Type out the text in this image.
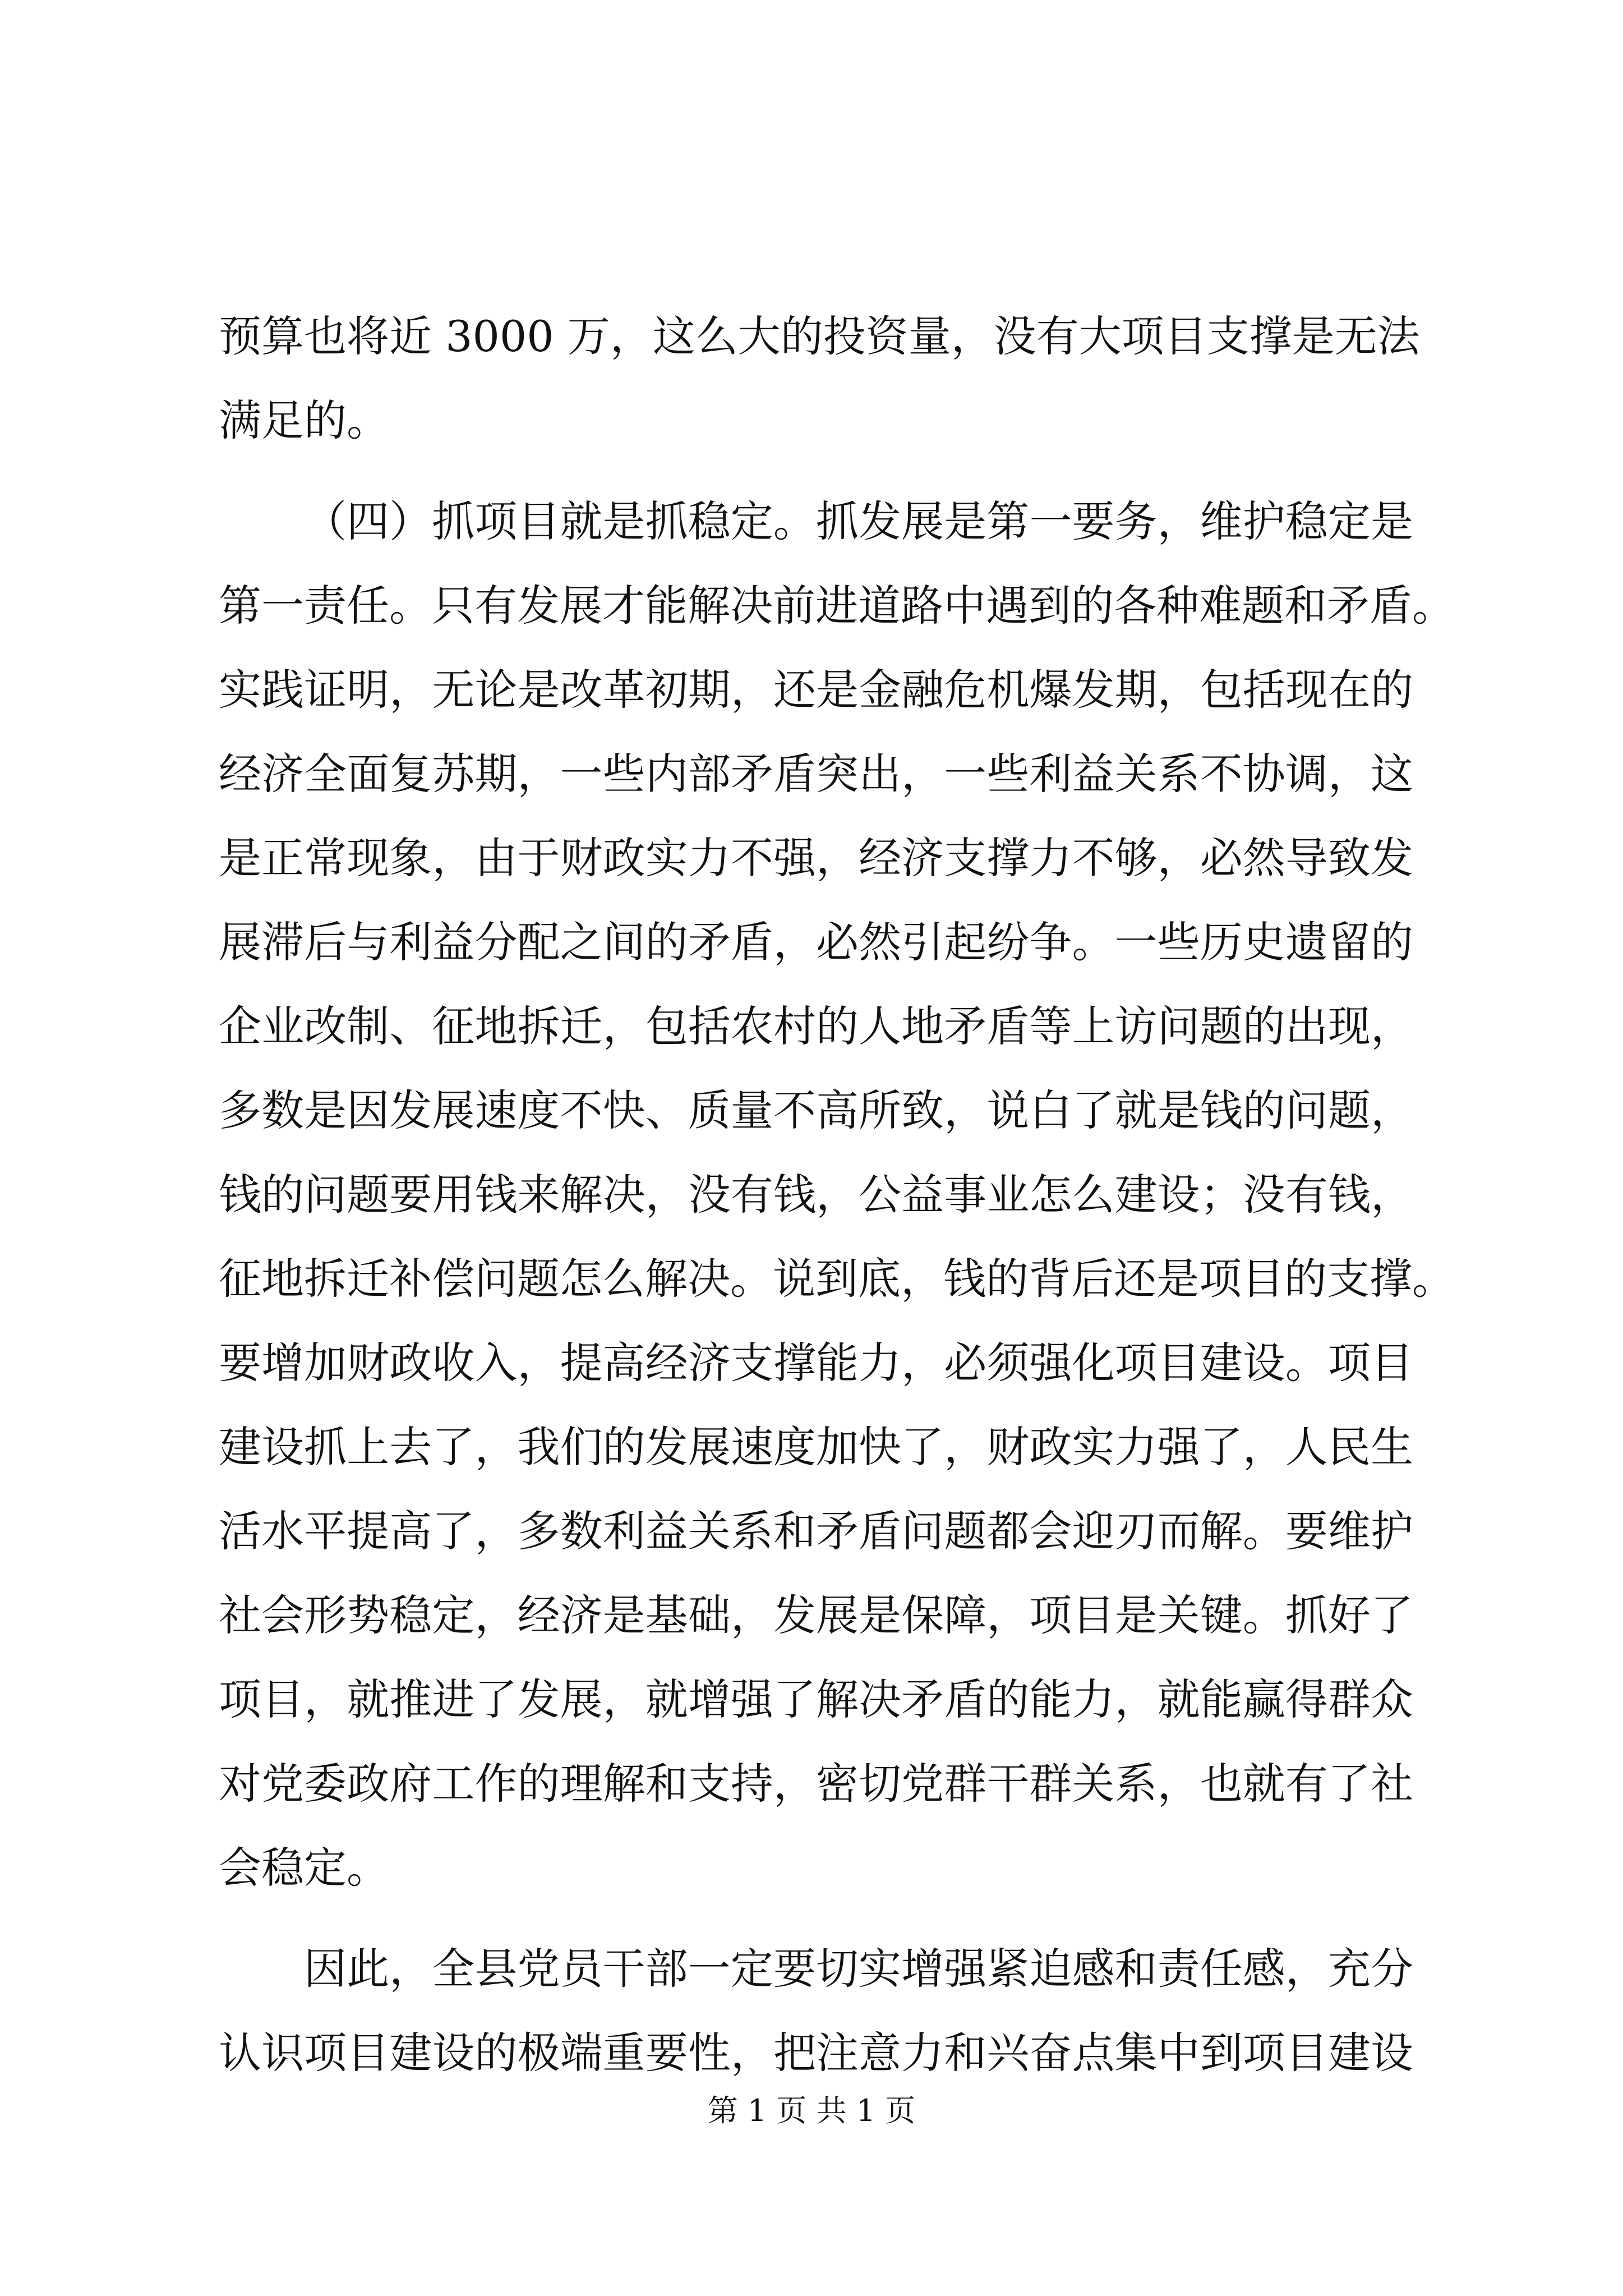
预算也将近 3000 万，这么大的投资量，没有大项目支撑是无法
满足的。
（四）抓项目就是抓稳定。抓发展是第一要务，维护稳定是
第一责任。只有发展才能解决前进道路中遇到的各种难题和矛盾。
实践证明，无论是改革初期，还是金融危机爆发期，包括现在的
经济全面复苏期，一些内部矛盾突出，一些利益关系不协调，这
是正常现象，由于财政实力不强，经济支撑力不够，必然导致发
展滞后与利益分配之间的矛盾，必然引起纷争。一些历史遗留的
企业改制、征地拆迁，包括农村的人地矛盾等上访问题的出现，
多数是因发展速度不快、质量不高所致，说白了就是钱的问题，
钱的问题要用钱来解决，没有钱，公益事业怎么建设；没有钱，
征地拆迁补偿问题怎么解决。说到底，钱的背后还是项目的支撑。
要增加财政收入，提高经济支撑能力，必须强化项目建设。项目
建设抓上去了，我们的发展速度加快了，财政实力强了，人民生
活水平提高了，多数利益关系和矛盾问题都会迎刃而解。要维护
社会形势稳定，经济是基础，发展是保障，项目是关键。抓好了
项目，就推进了发展，就增强了解决矛盾的能力，就能赢得群众
对党委政府工作的理解和支持，密切党群干群关系，也就有了社
会稳定。
因此，全县党员干部一定要切实增强紧迫感和责任感，充分
认识项目建设的极端重要性，把注意力和兴奋点集中到项目建设
第 1 页 共 1 页
